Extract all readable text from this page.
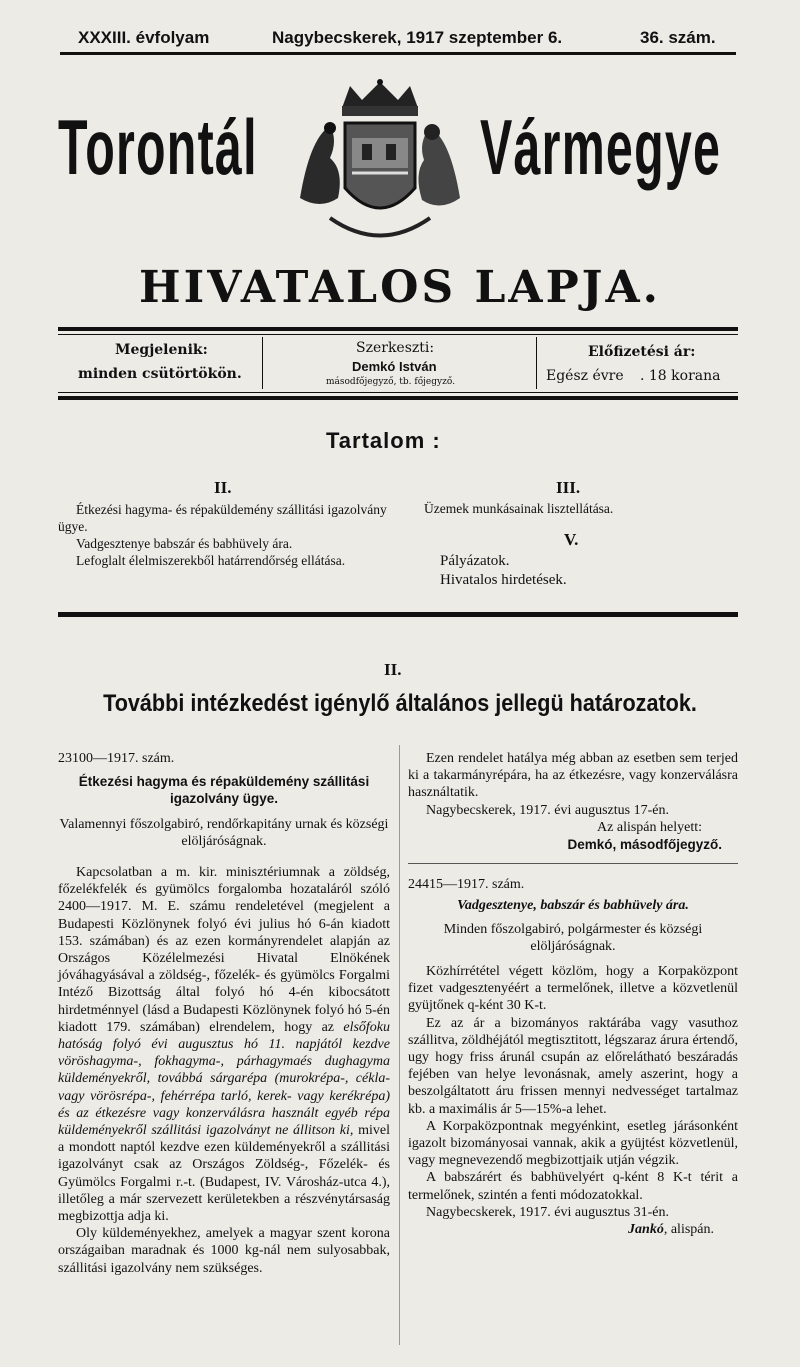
XXXIII. évfolyam	Nagybecskerek, 1917 szeptember 6.	36. szám.
Torontál	Vármegye
HIVATALOS LAPJA.
Megjelenik:
minden csütörtökön.
Szerkeszti:
Demkó István
másodfőjegyző, tb. főjegyző.
Előfizetési ár:
Egész évre . 18 korana
Tartalom :
II.
Étkezési hagyma- és répaküldemény szállitási igazolvány ügye.
Vadgesztenye babszár és babhüvely ára.
Lefoglalt élelmiszerekből határrendőrség ellátása.
III.
Üzemek munkásainak lisztellátása.
V.
Pályázatok.
Hivatalos hirdetések.
II.
További intézkedést igénylő általános jellegü határozatok.

23100—1917. szám.

Étkezési hagyma és répaküldemény szállitási igazolvány ügye.

Valamennyi főszolgabiró, rendőrkapitány urnak és községi elöljáróságnak.

Kapcsolatban a m. kir. minisztériumnak a zöldség, főzelékfelék és gyümölcs forgalomba hozataláról szóló 2400—1917. M. E. számu rendeletével (megjelent a Budapesti Közlönynek folyó évi julius hó 6-án kiadott 153. számában) és az ezen kormányrendelet alapján az Országos Közélelmezési Hivatal Elnökének jóváhagyásával a zöldség-, főzelék- és gyümölcs Forgalmi Intéző Bizottság által folyó hó 4-én kibocsátott hirdetménnyel (lásd a Budapesti Közlönynek folyó hó 5-én kiadott 179. számában) elrendelem, hogy az elsőfoku hatóság folyó évi augusztus hó 11. napjától kezdve vöröshagyma-, fokhagyma-, párhagymaés dughagyma küldeményekről, továbbá sárgarépa (murokrépa-, cékla- vagy vörösrépa-, fehérrépa tarló, kerek- vagy kerékrépa) és az étkezésre vagy konzerválásra használt egyéb répa küldeményekről szállitási igazolványt ne állitson ki, mivel a mondott naptól kezdve ezen küldeményekről a szállitási igazolványt csak az Országos Zöldség-, Főzelék- és Gyümölcs Forgalmi r.-t. (Budapest, IV. Városház-utca 4.), illetőleg a már szervezett kerületekben a részvénytársaság megbizottja adja ki.

Oly küldeményekhez, amelyek a magyar szent korona országaiban maradnak és 1000 kg-nál nem sulyosabbak, szállitási igazolvány nem szükséges.

Ezen rendelet hatálya még abban az esetben sem terjed ki a takarmányrépára, ha az étkezésre, vagy konzerválásra használtatik.

Nagybecskerek, 1917. évi augusztus 17-én.

Az alispán helyett:

Demkó, másodfőjegyző.

24415—1917. szám.

Vadgesztenye, babszár és babhüvely ára.

Minden főszolgabiró, polgármester és községi elöljáróságnak.

Közhírrététel végett közlöm, hogy a Korpaközpont fizet vadgesztenyéért a termelőnek, illetve a közvetlenül gyüjtőnek q-ként 30 K-t.

Ez az ár a bizományos raktárába vagy vasuthoz szállitva, zöldhéjától megtisztitott, légszaraz árura értendő, ugy hogy friss árunál csupán az előrelátható beszáradás fejében van helye levonásnak, amely aszerint, hogy a beszolgáltatott áru frissen mennyi nedvességet tartalmaz kb. a maximális ár 5—15%-a lehet.

A Korpaközpontnak megyénkint, esetleg járásonként igazolt bizományosai vannak, akik a gyüjtést közvetlenül, vagy megnevezendő megbizottjaik utján végzik.

A babszárért és babhüvelyért q-ként 8 K-t térit a termelőnek, szintén a fenti módozatokkal.

Nagybecskerek, 1917. évi augusztus 31-én.

Jankó, alispán.
